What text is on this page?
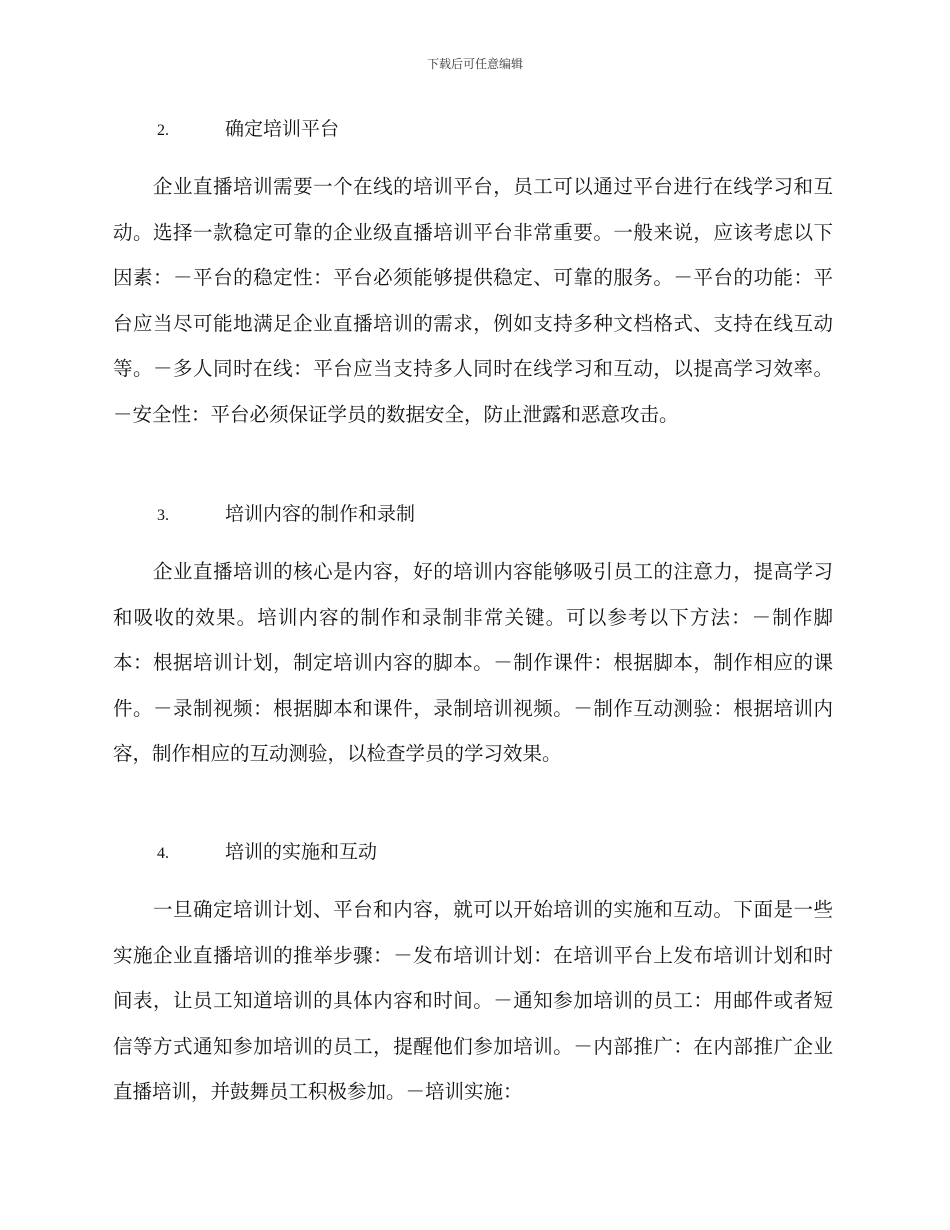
下载后可任意编辑
2.	确定培训平台
企业直播培训需要一个在线的培训平台，员工可以通过平台进行在线学习和互动。选择一款稳定可靠的企业级直播培训平台非常重要。一般来说，应该考虑以下因素：－平台的稳定性：平台必须能够提供稳定、可靠的服务。－平台的功能：平台应当尽可能地满足企业直播培训的需求，例如支持多种文档格式、支持在线互动等。－多人同时在线：平台应当支持多人同时在线学习和互动，以提高学习效率。－安全性：平台必须保证学员的数据安全，防止泄露和恶意攻击。
3.	培训内容的制作和录制
企业直播培训的核心是内容，好的培训内容能够吸引员工的注意力，提高学习和吸收的效果。培训内容的制作和录制非常关键。可以参考以下方法：－制作脚本：根据培训计划，制定培训内容的脚本。－制作课件：根据脚本，制作相应的课件。－录制视频：根据脚本和课件，录制培训视频。－制作互动测验：根据培训内容，制作相应的互动测验，以检查学员的学习效果。
4.	培训的实施和互动
一旦确定培训计划、平台和内容，就可以开始培训的实施和互动。下面是一些实施企业直播培训的推举步骤：－发布培训计划：在培训平台上发布培训计划和时间表，让员工知道培训的具体内容和时间。－通知参加培训的员工：用邮件或者短信等方式通知参加培训的员工，提醒他们参加培训。－内部推广：在内部推广企业直播培训，并鼓舞员工积极参加。－培训实施：
